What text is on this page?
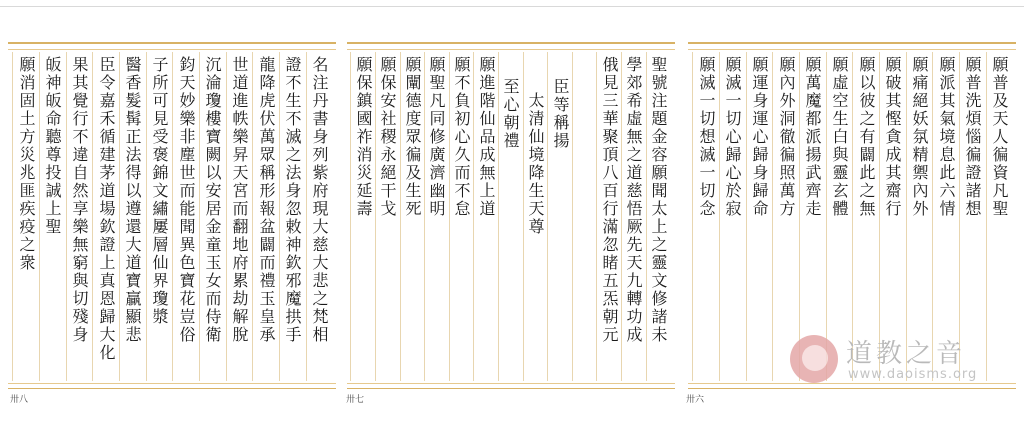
名注丹書身列紫府現大慈大悲之梵相
證不生不滅之法身忽敕神欽邪魔拱手
龍降虎伏萬眾稱形報盆闢而禮玉皇承
世道進帙樂昇天宮而翻地府累劫解脫
沉淪瓊樓寶闕以安居金童玉女而侍衛
鈞天妙樂非塵世而能聞異色寶花豈俗
子所可見受褒錦文繡屢層仙界瓊漿
醫香髮髯正法得以遵還大道寶贏顯悲
臣令嘉禾循建茅道場欽證上真恩歸大化
果其覺行不違自然享樂無窮與切殘身
皈神皈命聽尊投誠上聖
願消固土方災兆匪疾疫之衆
卅八
聖號注題金容願聞太上之靈文修諸未
學郊希虛無之道慈悟厥先天九轉功成
俄見三華聚頂八百行滿忽睹五炁朝元
臣等稱揚
太清仙境降生天尊
至心朝禮
願進階仙品成無上道
願不負初心久而不怠
願聖凡同修廣濟幽明
願闡德度眾徧及生死
願保安社稷永絕干戈
願保鎮國祚消災延壽
卅七
願普及天人徧資凡聖
願普洗煩惱徧證諸想
願派其氣境息此六情
願痛絕妖氛精禦內外
願破其慳貪成其齋行
願以彼之有闢此之無
願虛空生白與靈玄體
願萬魔都派揚武齊走
願內外洞徹徧照萬方
願運身運心歸身歸命
願滅一切心歸心於寂
願滅一切想滅一切念
卅六
道教之音
www.daoisms.org
